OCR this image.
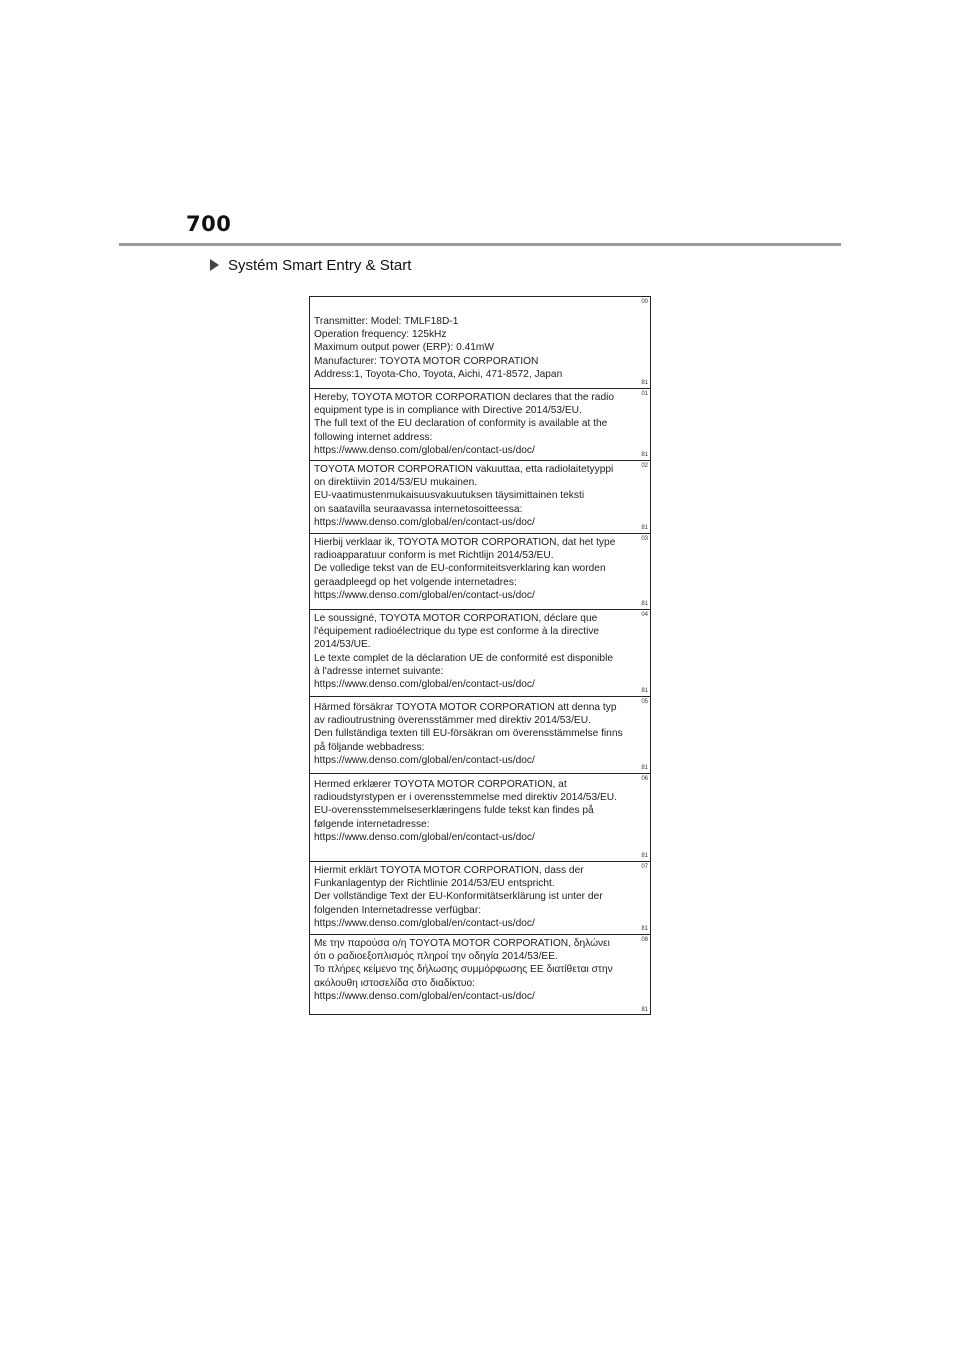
700
Systém Smart Entry & Start
00
Transmitter: Model: TMLF18D-1
Operation frequency: 125kHz
Maximum output power (ERP): 0.41mW
Manufacturer: TOYOTA MOTOR CORPORATION
Address:1, Toyota-Cho, Toyota, Aichi, 471-8572, Japan
81
01
Hereby, TOYOTA MOTOR CORPORATION declares that the radio
equipment type is in compliance with Directive 2014/53/EU.
The full text of the EU declaration of conformity is available at the
following internet address:
https://www.denso.com/global/en/contact-us/doc/	81
02
TOYOTA MOTOR CORPORATION vakuuttaa, etta radiolaitetyyppi
on direktiivin 2014/53/EU mukainen.
EU-vaatimustenmukaisuusvakuutuksen täysimittainen teksti
on saatavilla seuraavassa internetosoitteessa:
https://www.denso.com/global/en/contact-us/doc/
81
03
Hierbij verklaar ik, TOYOTA MOTOR CORPORATION, dat het type
radioapparatuur conform is met Richtlijn 2014/53/EU.
De volledige tekst van de EU-conformiteitsverklaring kan worden
geraadpleegd op het volgende internetadres:
https://www.denso.com/global/en/contact-us/doc/
81
04
Le soussigné, TOYOTA MOTOR CORPORATION, déclare que
l'équipement radioélectrique du type est conforme à la directive
2014/53/UE.
Le texte complet de la déclaration UE de conformité est disponible
à l'adresse internet suivante:
https://www.denso.com/global/en/contact-us/doc/
81
05
Härmed försäkrar TOYOTA MOTOR CORPORATION att denna typ
av radioutrustning överensstämmer med direktiv 2014/53/EU.
Den fullständiga texten till EU-försäkran om överensstämmelse finns
på följande webbadress:
https://www.denso.com/global/en/contact-us/doc/
81
06
Hermed erklærer TOYOTA MOTOR CORPORATION, at
radioudstyrstypen er i overensstemmelse med direktiv 2014/53/EU.
EU-overensstemmelseserklæringens fulde tekst kan findes på
følgende internetadresse:
https://www.denso.com/global/en/contact-us/doc/
81
07
Hiermit erklärt TOYOTA MOTOR CORPORATION, dass der
Funkanlagentyp der Richtlinie 2014/53/EU entspricht.
Der vollständige Text der EU-Konformitätserklärung ist unter der
folgenden Internetadresse verfügbar:
https://www.denso.com/global/en/contact-us/doc/
81
08
Με την παρούσα ο/η TOYOTA MOTOR CORPORATION, δηλώνει
ότι ο ραδιοεξοπλισμός πληροί την οδηγία 2014/53/ΕΕ.
Το πλήρες κείμενο της δήλωσης συμμόρφωσης ΕΕ διατίθεται στην
ακόλουθη ιστοσελίδα στο διαδίκτυο:
https://www.denso.com/global/en/contact-us/doc/
81
